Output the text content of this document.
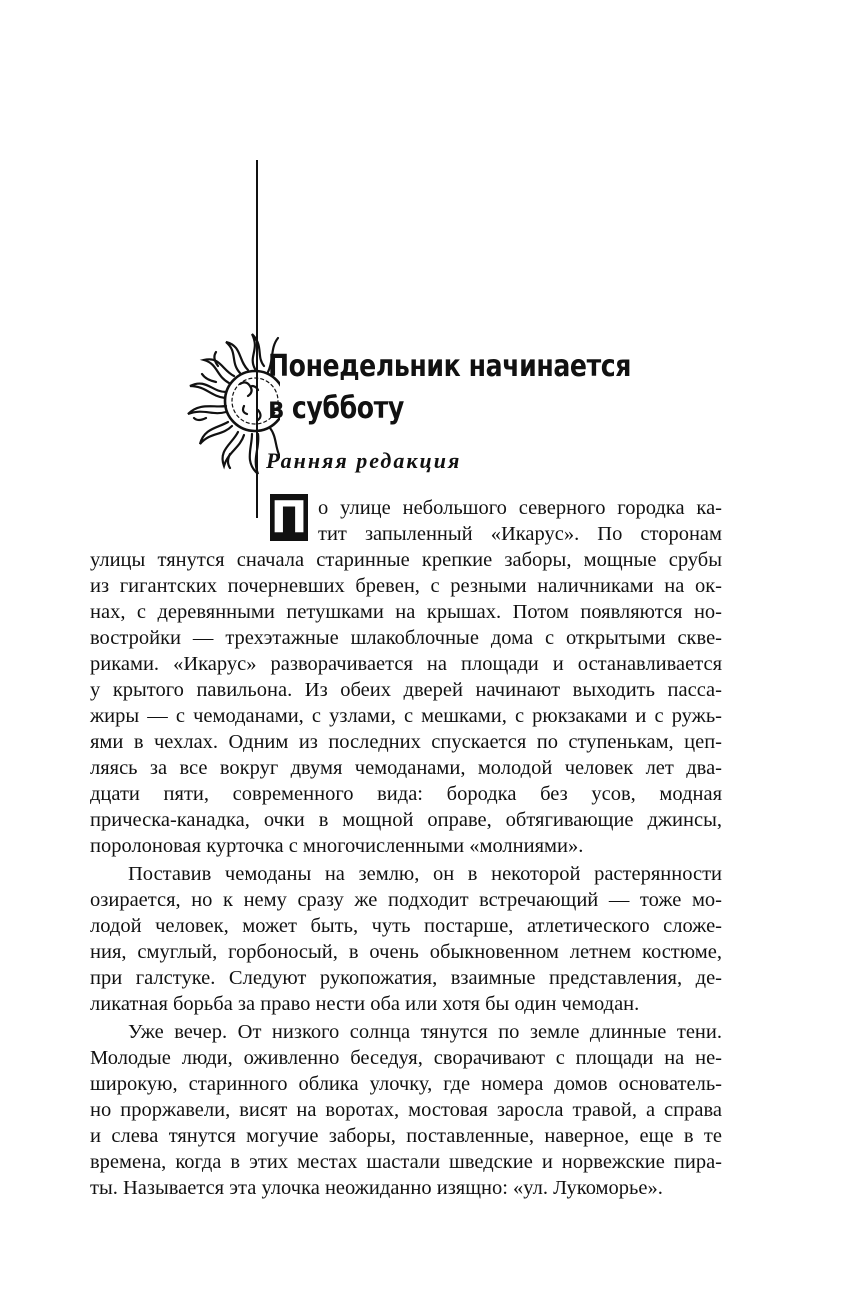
Понедельник начинается
в субботу
Ранняя редакция
П о улице небольшого северного городка ка-
тит запыленный «Икарус». По сторонам
улицы тянутся сначала старинные крепкие заборы, мощные срубы
из гигантских почерневших бревен, с резными наличниками на ок-
нах, с деревянными петушками на крышах. Потом появляются но-
востройки — трехэтажные шлакоблочные дома с открытыми скве-
риками. «Икарус» разворачивается на площади и останавливается
у крытого павильона. Из обеих дверей начинают выходить пасса-
жиры — с чемоданами, с узлами, с мешками, с рюкзаками и с ружь-
ями в чехлах. Одним из последних спускается по ступенькам, цеп-
ляясь за все вокруг двумя чемоданами, молодой человек лет два-
дцати пяти, современного вида: бородка без усов, модная
прическа-канадка, очки в мощной оправе, обтягивающие джинсы,
поролоновая курточка с многочисленными «молниями».
Поставив чемоданы на землю, он в некоторой растерянности
озирается, но к нему сразу же подходит встречающий — тоже мо-
лодой человек, может быть, чуть постарше, атлетического сложе-
ния, смуглый, горбоносый, в очень обыкновенном летнем костюме,
при галстуке. Следуют рукопожатия, взаимные представления, де-
ликатная борьба за право нести оба или хотя бы один чемодан.
Уже вечер. От низкого солнца тянутся по земле длинные тени.
Молодые люди, оживленно беседуя, сворачивают с площади на не-
широкую, старинного облика улочку, где номера домов основатель-
но проржавели, висят на воротах, мостовая заросла травой, а справа
и слева тянутся могучие заборы, поставленные, наверное, еще в те
времена, когда в этих местах шастали шведские и норвежские пира-
ты. Называется эта улочка неожиданно изящно: «ул. Лукоморье».
